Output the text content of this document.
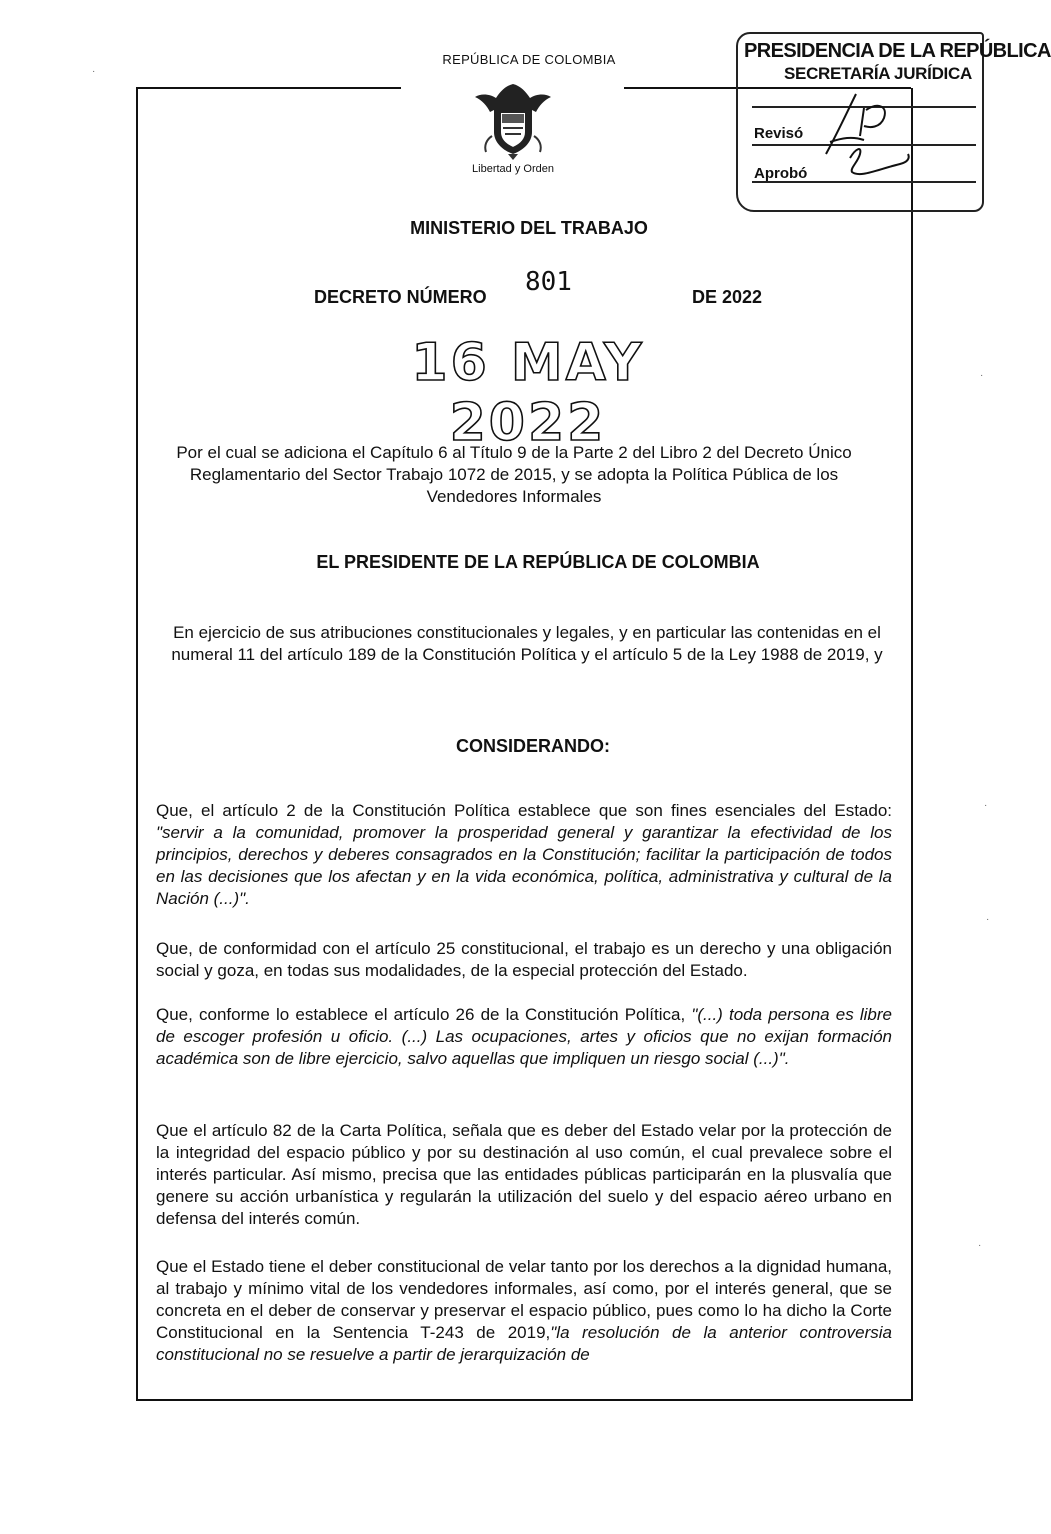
REPÚBLICA DE COLOMBIA
Libertad y Orden
PRESIDENCIA DE LA REPÚBLICA
SECRETARÍA JURÍDICA
Revisó
Aprobó
MINISTERIO DEL TRABAJO
DECRETO NÚMERO 801	DE 2022
16 MAY 2022
Por el cual se adiciona el Capítulo 6 al Título 9 de la Parte 2 del Libro 2 del Decreto Único Reglamentario del Sector Trabajo 1072 de 2015, y se adopta la Política Pública de los Vendedores Informales
EL PRESIDENTE DE LA REPÚBLICA DE COLOMBIA
En ejercicio de sus atribuciones constitucionales y legales, y en particular las contenidas en el numeral 11 del artículo 189 de la Constitución Política y el artículo 5 de la Ley 1988 de 2019, y
CONSIDERANDO:
Que, el artículo 2 de la Constitución Política establece que son fines esenciales del Estado: "servir a la comunidad, promover la prosperidad general y garantizar la efectividad de los principios, derechos y deberes consagrados en la Constitución; facilitar la participación de todos en las decisiones que los afectan y en la vida económica, política, administrativa y cultural de la Nación (...)".
Que, de conformidad con el artículo 25 constitucional, el trabajo es un derecho y una obligación social y goza, en todas sus modalidades, de la especial protección del Estado.
Que, conforme lo establece el artículo 26 de la Constitución Política, "(...) toda persona es libre de escoger profesión u oficio. (...) Las ocupaciones, artes y oficios que no exijan formación académica son de libre ejercicio, salvo aquellas que impliquen un riesgo social (...)".
Que el artículo 82 de la Carta Política, señala que es deber del Estado velar por la protección de la integridad del espacio público y por su destinación al uso común, el cual prevalece sobre el interés particular. Así mismo, precisa que las entidades públicas participarán en la plusvalía que genere su acción urbanística y regularán la utilización del suelo y del espacio aéreo urbano en defensa del interés común.
Que el Estado tiene el deber constitucional de velar tanto por los derechos a la dignidad humana, al trabajo y mínimo vital de los vendedores informales, así como, por el interés general, que se concreta en el deber de conservar y preservar el espacio público, pues como lo ha dicho la Corte Constitucional en la Sentencia T-243 de 2019,"la resolución de la anterior controversia constitucional no se resuelve a partir de jerarquización de
·
·
·
·
·
